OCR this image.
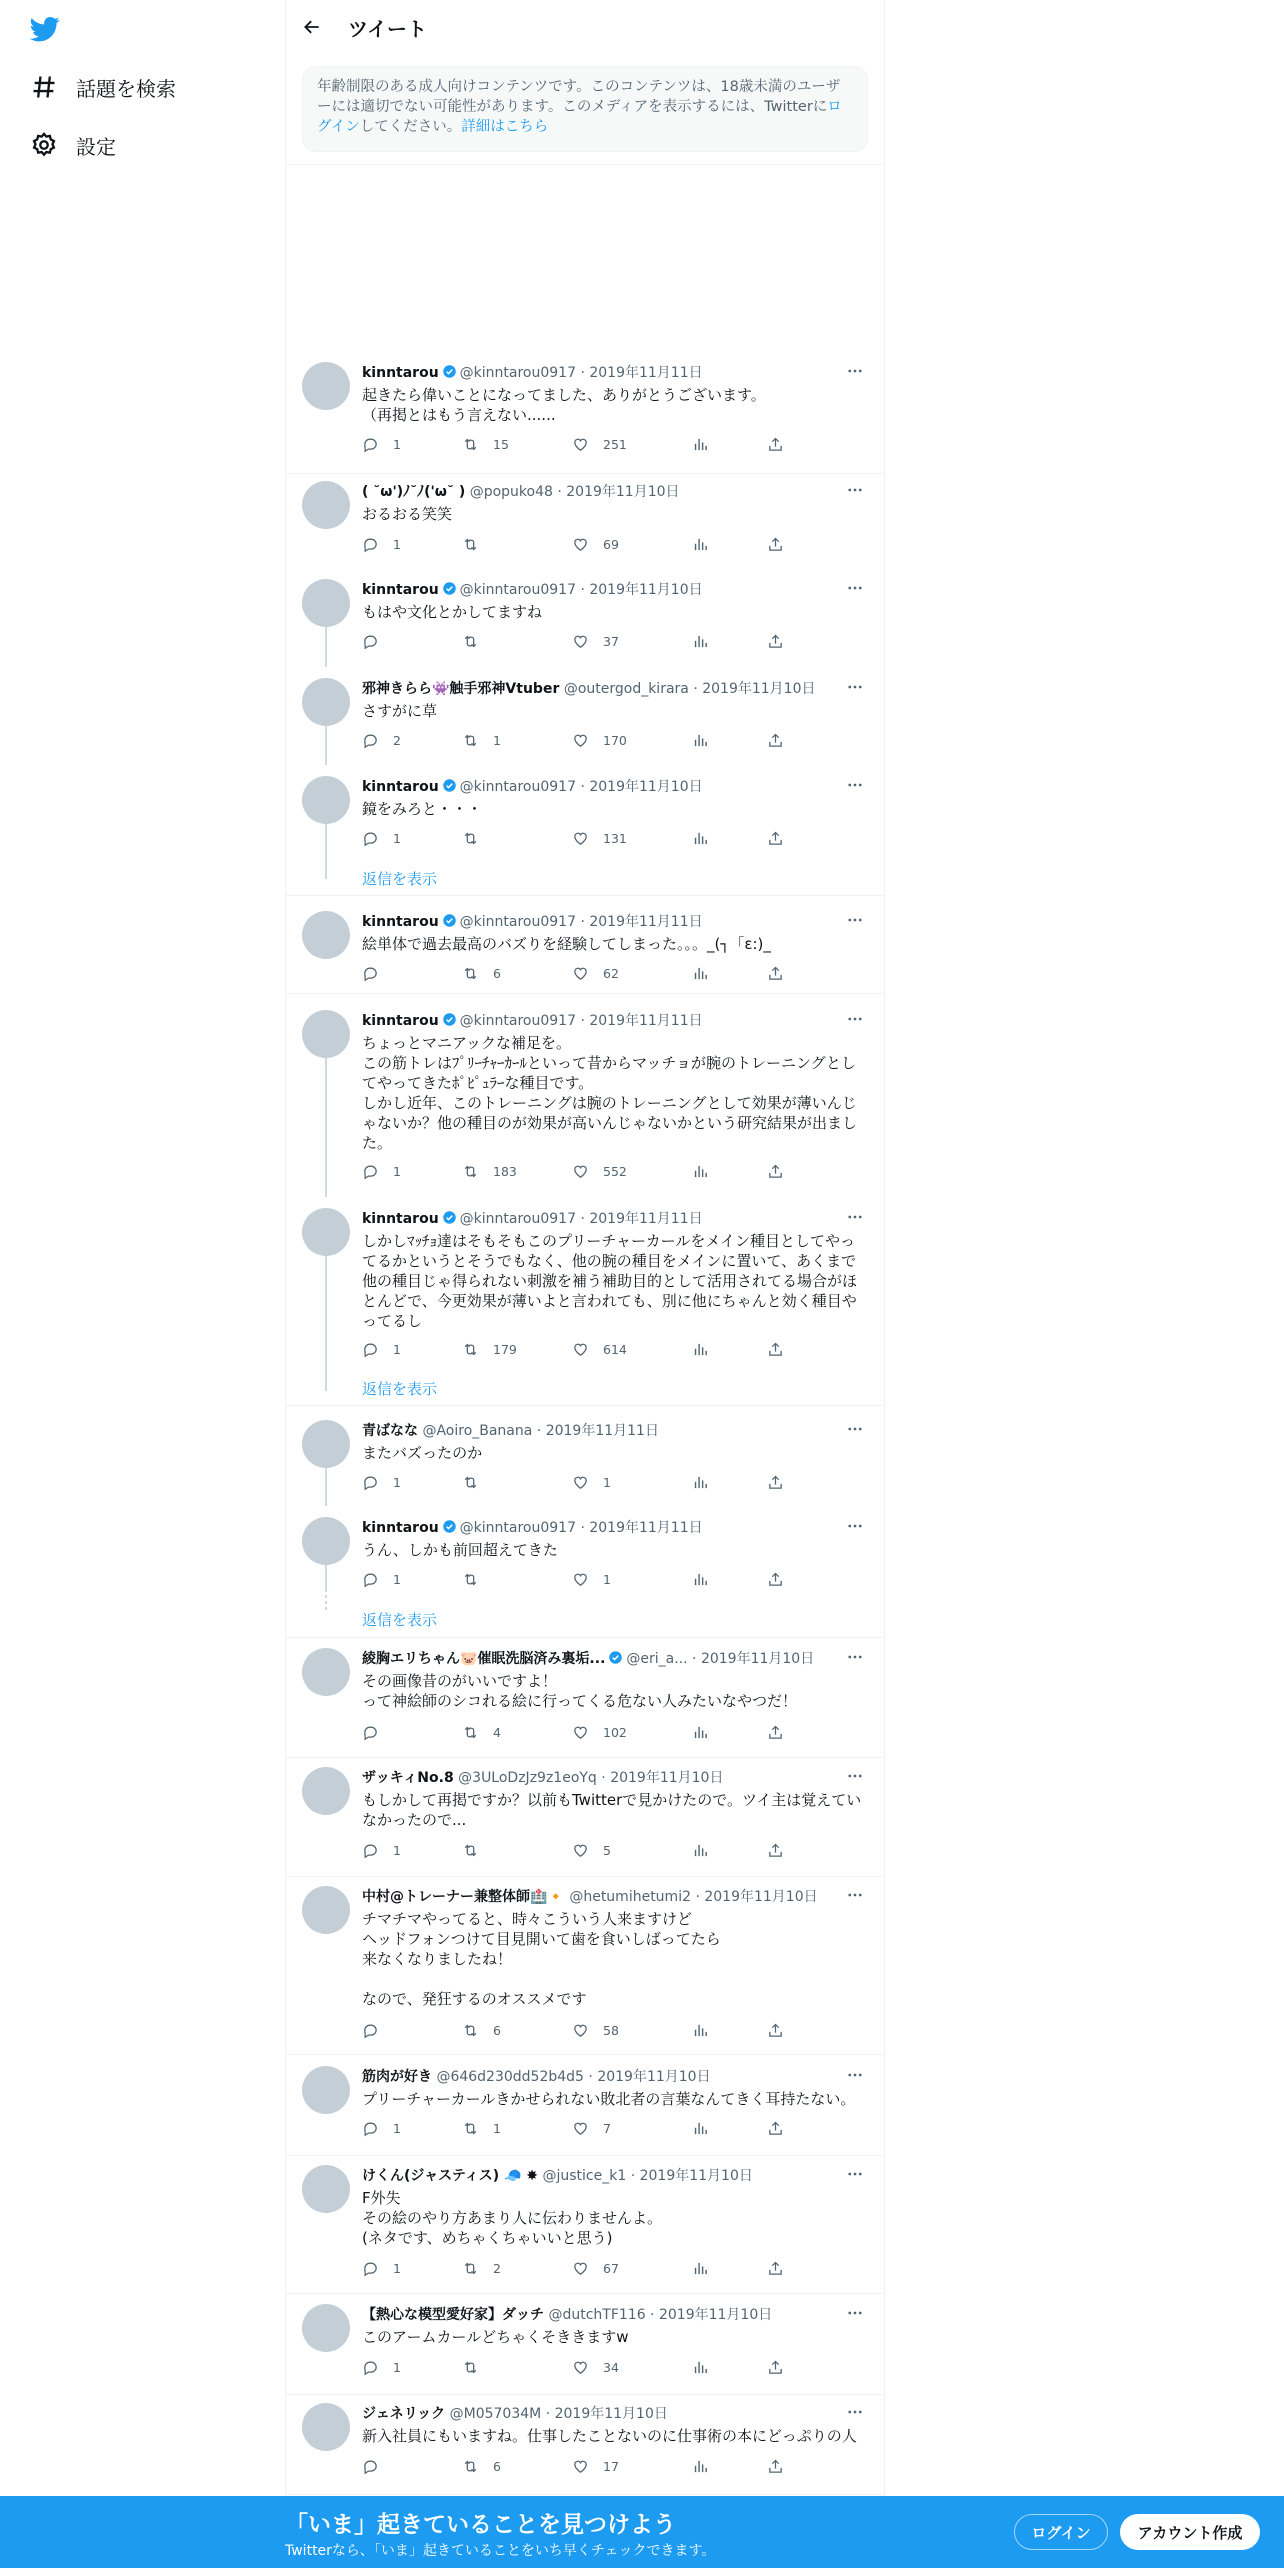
話題を検索
設定
ツイート
年齢制限のある成人向けコンテンツです。このコンテンツは、18歳未満のユーザーには適切でない可能性があります。このメディアを表示するには、Twitterにログインしてください。詳細はこちら
kinntarou @kinntarou0917 · 2019年11月11日
起きたら偉いことになってました、ありがとうございます。
（再掲とはもう言えない......
1	15	251
( ˘ω')ﾉ˘ﾉ('ω˘ ) @popuko48 · 2019年11月10日
おるおる笑笑
1	69
kinntarou @kinntarou0917 · 2019年11月10日
もはや文化とかしてますね
37
邪神きらら👾触手邪神Vtuber @outergod_kirara · 2019年11月10日
さすがに草
2	1	170
kinntarou @kinntarou0917 · 2019年11月10日
鏡をみろと・・・
1	131
kinntarou @kinntarou0917 · 2019年11月11日
絵単体で過去最高のバズりを経験してしまった。。。_(┐「ε:)_
6	62
kinntarou @kinntarou0917 · 2019年11月11日
ちょっとマニアックな補足を。
この筋トレはﾌﾟﾘｰﾁｬｰｶｰﾙといって昔からマッチョが腕のトレーニングとしてやってきたﾎﾟﾋﾟｭﾗｰな種目です。
しかし近年、このトレーニングは腕のトレーニングとして効果が薄いんじゃないか？他の種目のが効果が高いんじゃないかという研究結果が出ました。
1	183	552
kinntarou @kinntarou0917 · 2019年11月11日
しかしﾏｯﾁｮ達はそもそもこのプリーチャーカールをメイン種目としてやってるかというとそうでもなく、他の腕の種目をメインに置いて、あくまで他の種目じゃ得られない刺激を補う補助目的として活用されてる場合がほとんどで、今更効果が薄いよと言われても、別に他にちゃんと効く種目やってるし
1	179	614
青ばなな @Aoiro_Banana · 2019年11月11日
またバズったのか
1	1
kinntarou @kinntarou0917 · 2019年11月11日
うん、しかも前回超えてきた
1	1
綾胸エリちゃん🐷催眠洗脳済み裏垢... @eri_a... · 2019年11月10日
その画像昔のがいいですよ！
って神絵師のシコれる絵に行ってくる危ない人みたいなやつだ！
4	102
ザッキィNo.8 @3ULoDzJz9z1eoYq · 2019年11月10日
もしかして再掲ですか？以前もTwitterで見かけたので。ツイ主は覚えていなかったので...
1	5
中村@トレーナー兼整体師🏥🔸 @hetumihetumi2 · 2019年11月10日
チマチマやってると、時々こういう人来ますけど
ヘッドフォンつけて目見開いて歯を食いしばってたら
来なくなりましたね！

なので、発狂するのオススメです
6	58
筋肉が好き @646d230dd52b4d5 · 2019年11月10日
プリーチャーカールきかせられない敗北者の言葉なんてきく耳持たない。
1	1	7
けくん(ジャスティス) 🧢 ✸ @justice_k1 · 2019年11月10日
F外失
その絵のやり方あまり人に伝わりませんよ。
(ネタです、めちゃくちゃいいと思う)
1	2	67
【熱心な模型愛好家】ダッチ @dutchTF116 · 2019年11月10日
このアームカールどちゃくそききますw
1	34
ジェネリック @M057034M · 2019年11月10日
新入社員にもいますね。仕事したことないのに仕事術の本にどっぷりの人
6	17
返信を表示
返信を表示
返信を表示
「いま」起きていることを見つけよう
Twitterなら、「いま」起きていることをいち早くチェックできます。
ログイン	アカウント作成
